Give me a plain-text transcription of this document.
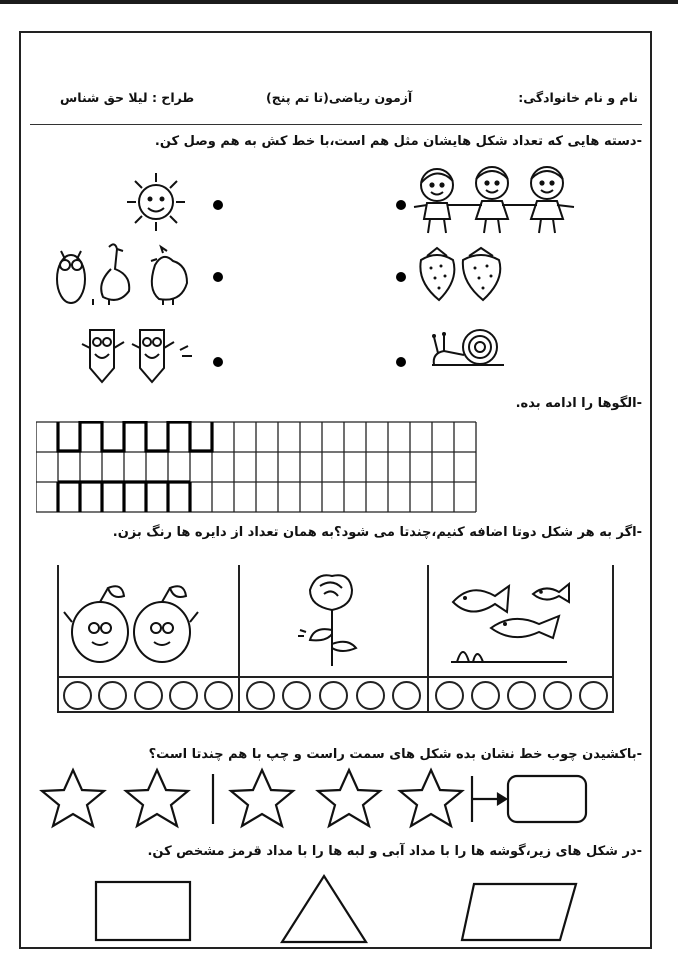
نام و نام خانوادگی:
آزمون ریاضی(تا تم پنج)
طراح : لیلا حق شناس
-دسته هایی که تعداد شکل هایشان مثل هم است،با خط کش به هم وصل کن.
-الگوها را ادامه بده.
-اگر به هر شکل دوتا اضافه کنیم،چندتا می شود؟به همان تعداد از دایره ها رنگ بزن.
-باکشیدن چوب خط نشان بده شکل های سمت راست و چپ با هم چندتا است؟
-در شکل های زیر،گوشه ها را با مداد آبی و لبه ها را با مداد قرمز مشخص کن.
